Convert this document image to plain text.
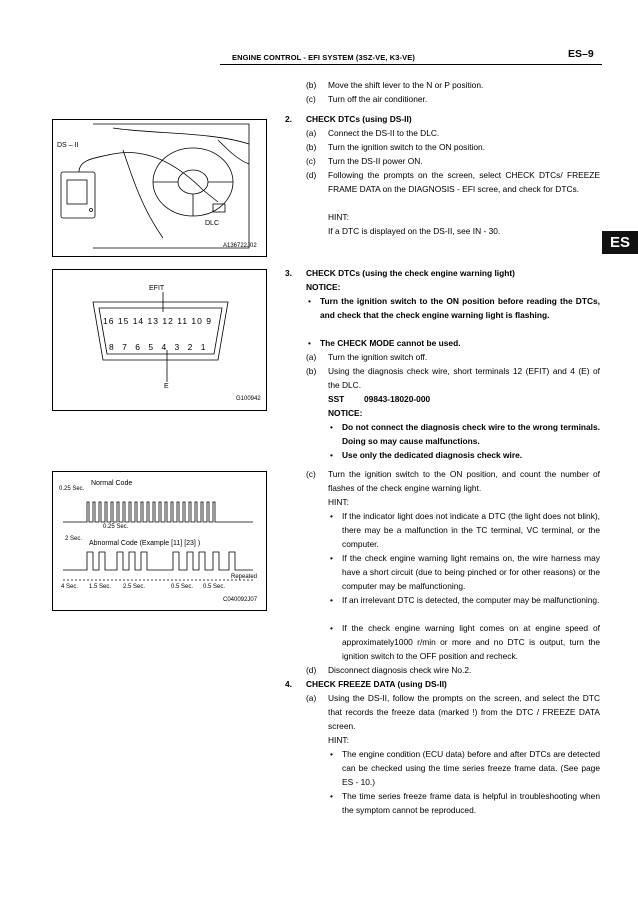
ENGINE CONTROL - EFI SYSTEM (3SZ-VE, K3-VE)	ES–9
ES
DS – II
DLC
A136722J02
EFIT
E
G100942
16 15 14 13 12 11 10 9
8 7 6 5 4 3 2 1
Normal Code
0.25 Sec.
0.25 Sec.
2 Sec.
Abnormal Code (Example [11] [23] )
Repeated
4 Sec. 1.5 Sec. 2.5 Sec.	0.5 Sec. 0.5 Sec.
C040092J07
(b) Move the shift lever to the N or P position.
(c) Turn off the air conditioner.
2. CHECK DTCs (using DS-II)
(a) Connect the DS-II to the DLC.
(b) Turn the ignition switch to the ON position.
(c) Turn the DS-II power ON.
(d) Following the prompts on the screen, select CHECK DTCs/ FREEZE FRAME DATA on the DIAGNOSIS - EFI scree, and check for DTCs.
HINT:
If a DTC is displayed on the DS-II, see IN - 30.
3. CHECK DTCs (using the check engine warning light)
NOTICE:
• Turn the ignition switch to the ON position before reading the DTCs, and check that the check engine warning light is flashing.
• The CHECK MODE cannot be used.
(a) Turn the ignition switch off.
(b) Using the diagnosis check wire, short terminals 12 (EFIT) and 4 (E) of the DLC.
SST 09843-18020-000
NOTICE:
• Do not connect the diagnosis check wire to the wrong terminals. Doing so may cause malfunctions.
• Use only the dedicated diagnosis check wire.
(c) Turn the ignition switch to the ON position, and count the number of flashes of the check engine warning light.
HINT:
• If the indicator light does not indicate a DTC (the light does not blink), there may be a malfunction in the TC terminal, VC terminal, or the computer.
• If the check engine warning light remains on, the wire harness may have a short circuit (due to being pinched or for other reasons) or the computer may be malfunctioning.
• If an irrelevant DTC is detected, the computer may be malfunctioning.
• If the check engine warning light comes on at engine speed of approximately1000 r/min or more and no DTC is output, turn the ignition switch to the OFF position and recheck.
(d) Disconnect diagnosis check wire No.2.
4. CHECK FREEZE DATA (using DS-II)
(a) Using the DS-II, follow the prompts on the screen, and select the DTC that records the freeze data (marked !) from the DTC / FREEZE DATA screen.
HINT:
• The engine condition (ECU data) before and after DTCs are detected can be checked using the time series freeze frame data. (See page ES - 10.)
• The time series freeze frame data is helpful in troubleshooting when the symptom cannot be reproduced.
